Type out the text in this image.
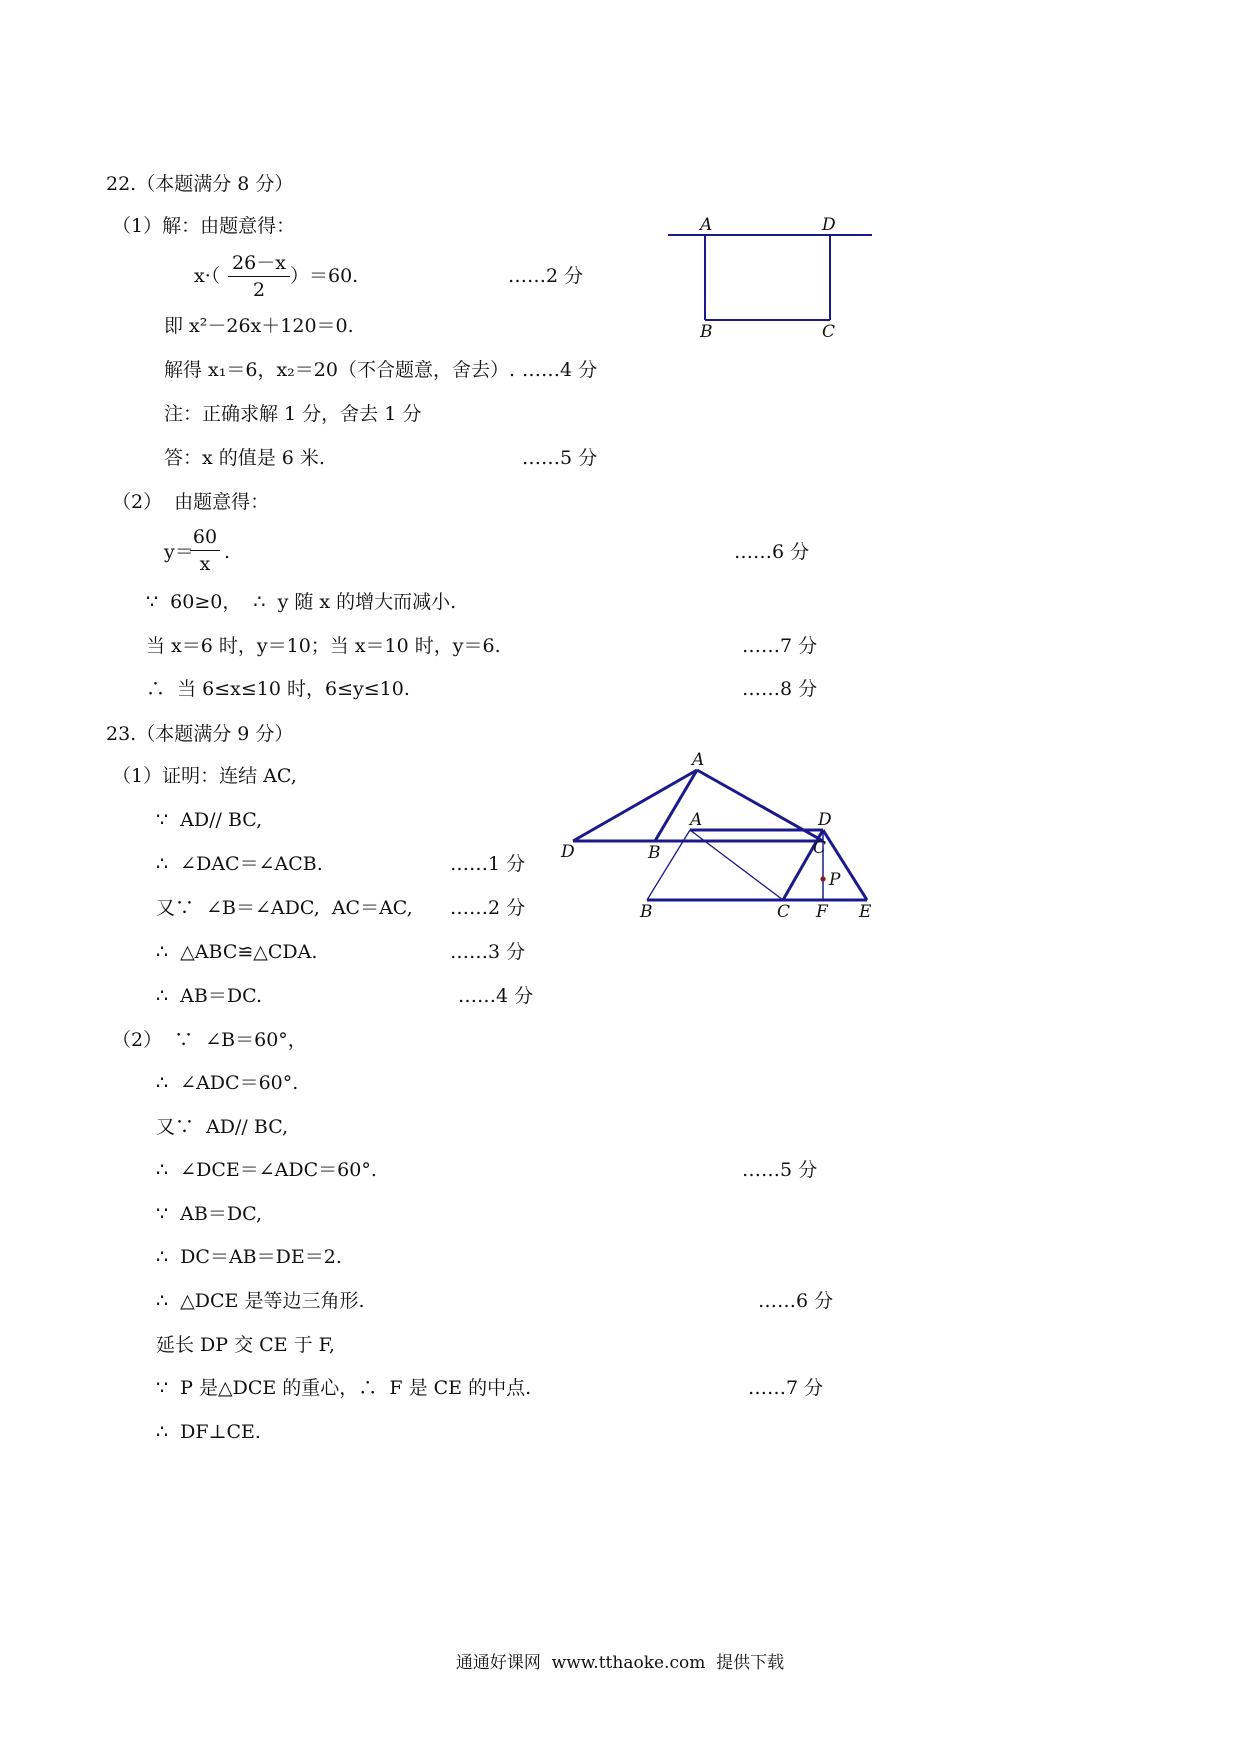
22.（本题满分 8 分）
（1）解：由题意得：
x·（
26－x
2
）＝60.	……2 分
即 x²－26x＋120＝0.
解得 x₁＝6，x₂＝20（不合题意，舍去）. ……4 分
注：正确求解 1 分，舍去 1 分
答：x 的值是 6 米.	……5 分
（2）  由题意得：
y＝
60
x
.	……6 分
∵  60≥0，  ∴  y 随 x 的增大而减小.
当 x＝6 时，y＝10；当 x＝10 时，y＝6.	……7 分
∴  当 6≤x≤10 时，6≤y≤10.	……8 分
A	D
B	C
23.（本题满分 9 分）
（1）证明：连结 AC,
∵  AD// BC,
∴  ∠DAC＝∠ACB.	……1 分
又∵  ∠B＝∠ADC,  AC＝AC, ……2 分
∴  △ABC≌△CDA.	……3 分
∴  AB＝DC.	……4 分
（2）  ∵  ∠B＝60°，
∴  ∠ADC＝60°.
又∵  AD// BC,
∴  ∠DCE＝∠ADC＝60°.	……5 分
∵  AB＝DC,
∴  DC＝AB＝DE＝2.
∴  △DCE 是等边三角形.	……6 分
延长 DP 交 CE 于 F,
∵  P 是△DCE 的重心，∴  F 是 CE 的中点.	……7 分
∴  DF⊥CE.
A
D	B	C
A	D
B	C
P
F E
通通好课网  www.tthaoke.com  提供下载
